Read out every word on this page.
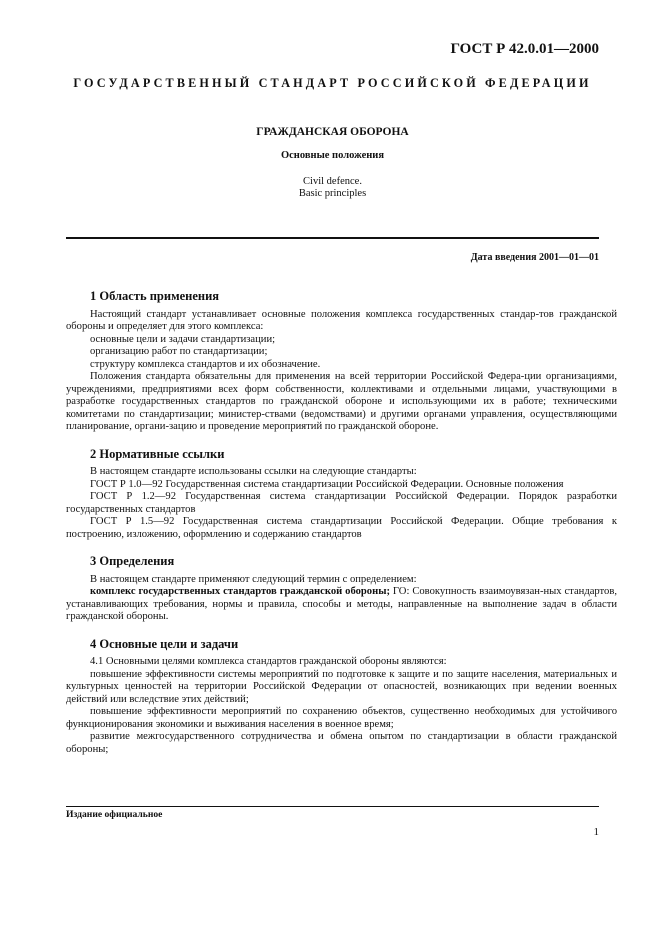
ГОСТ Р 42.0.01—2000
ГОСУДАРСТВЕННЫЙ СТАНДАРТ РОССИЙСКОЙ ФЕДЕРАЦИИ
ГРАЖДАНСКАЯ ОБОРОНА
Основные положения
Civil defence.
Basic principles
Дата введения 2001—01—01
1 Область применения
Настоящий стандарт устанавливает основные положения комплекса государственных стандар-тов гражданской обороны и определяет для этого комплекса:
основные цели и задачи стандартизации;
организацию работ по стандартизации;
структуру комплекса стандартов и их обозначение.
Положения стандарта обязательны для применения на всей территории Российской Федера-ции организациями, учреждениями, предприятиями всех форм собственности, коллективами и отдельными лицами, участвующими в разработке государственных стандартов по гражданской обороне и использующими их в работе; техническими комитетами по стандартизации; министер-ствами (ведомствами) и другими органами управления, осуществляющими планирование, органи-зацию и проведение мероприятий по гражданской обороне.
2 Нормативные ссылки
В настоящем стандарте использованы ссылки на следующие стандарты:
ГОСТ Р 1.0—92 Государственная система стандартизации Российской Федерации. Основные положения
ГОСТ Р 1.2—92 Государственная система стандартизации Российской Федерации. Порядок разработки государственных стандартов
ГОСТ Р 1.5—92 Государственная система стандартизации Российской Федерации. Общие требования к построению, изложению, оформлению и содержанию стандартов
3 Определения
В настоящем стандарте применяют следующий термин с определением:
комплекс государственных стандартов гражданской обороны; ГО: Совокупность взаимоувязан-ных стандартов, устанавливающих требования, нормы и правила, способы и методы, направленные на выполнение задач в области гражданской обороны.
4 Основные цели и задачи
4.1 Основными целями комплекса стандартов гражданской обороны являются:
повышение эффективности системы мероприятий по подготовке к защите и по защите населения, материальных и культурных ценностей на территории Российской Федерации от опасностей, возникающих при ведении военных действий или вследствие этих действий;
повышение эффективности мероприятий по сохранению объектов, существенно необходимых для устойчивого функционирования экономики и выживания населения в военное время;
развитие межгосударственного сотрудничества и обмена опытом по стандартизации в области гражданской обороны;
Издание официальное
1
